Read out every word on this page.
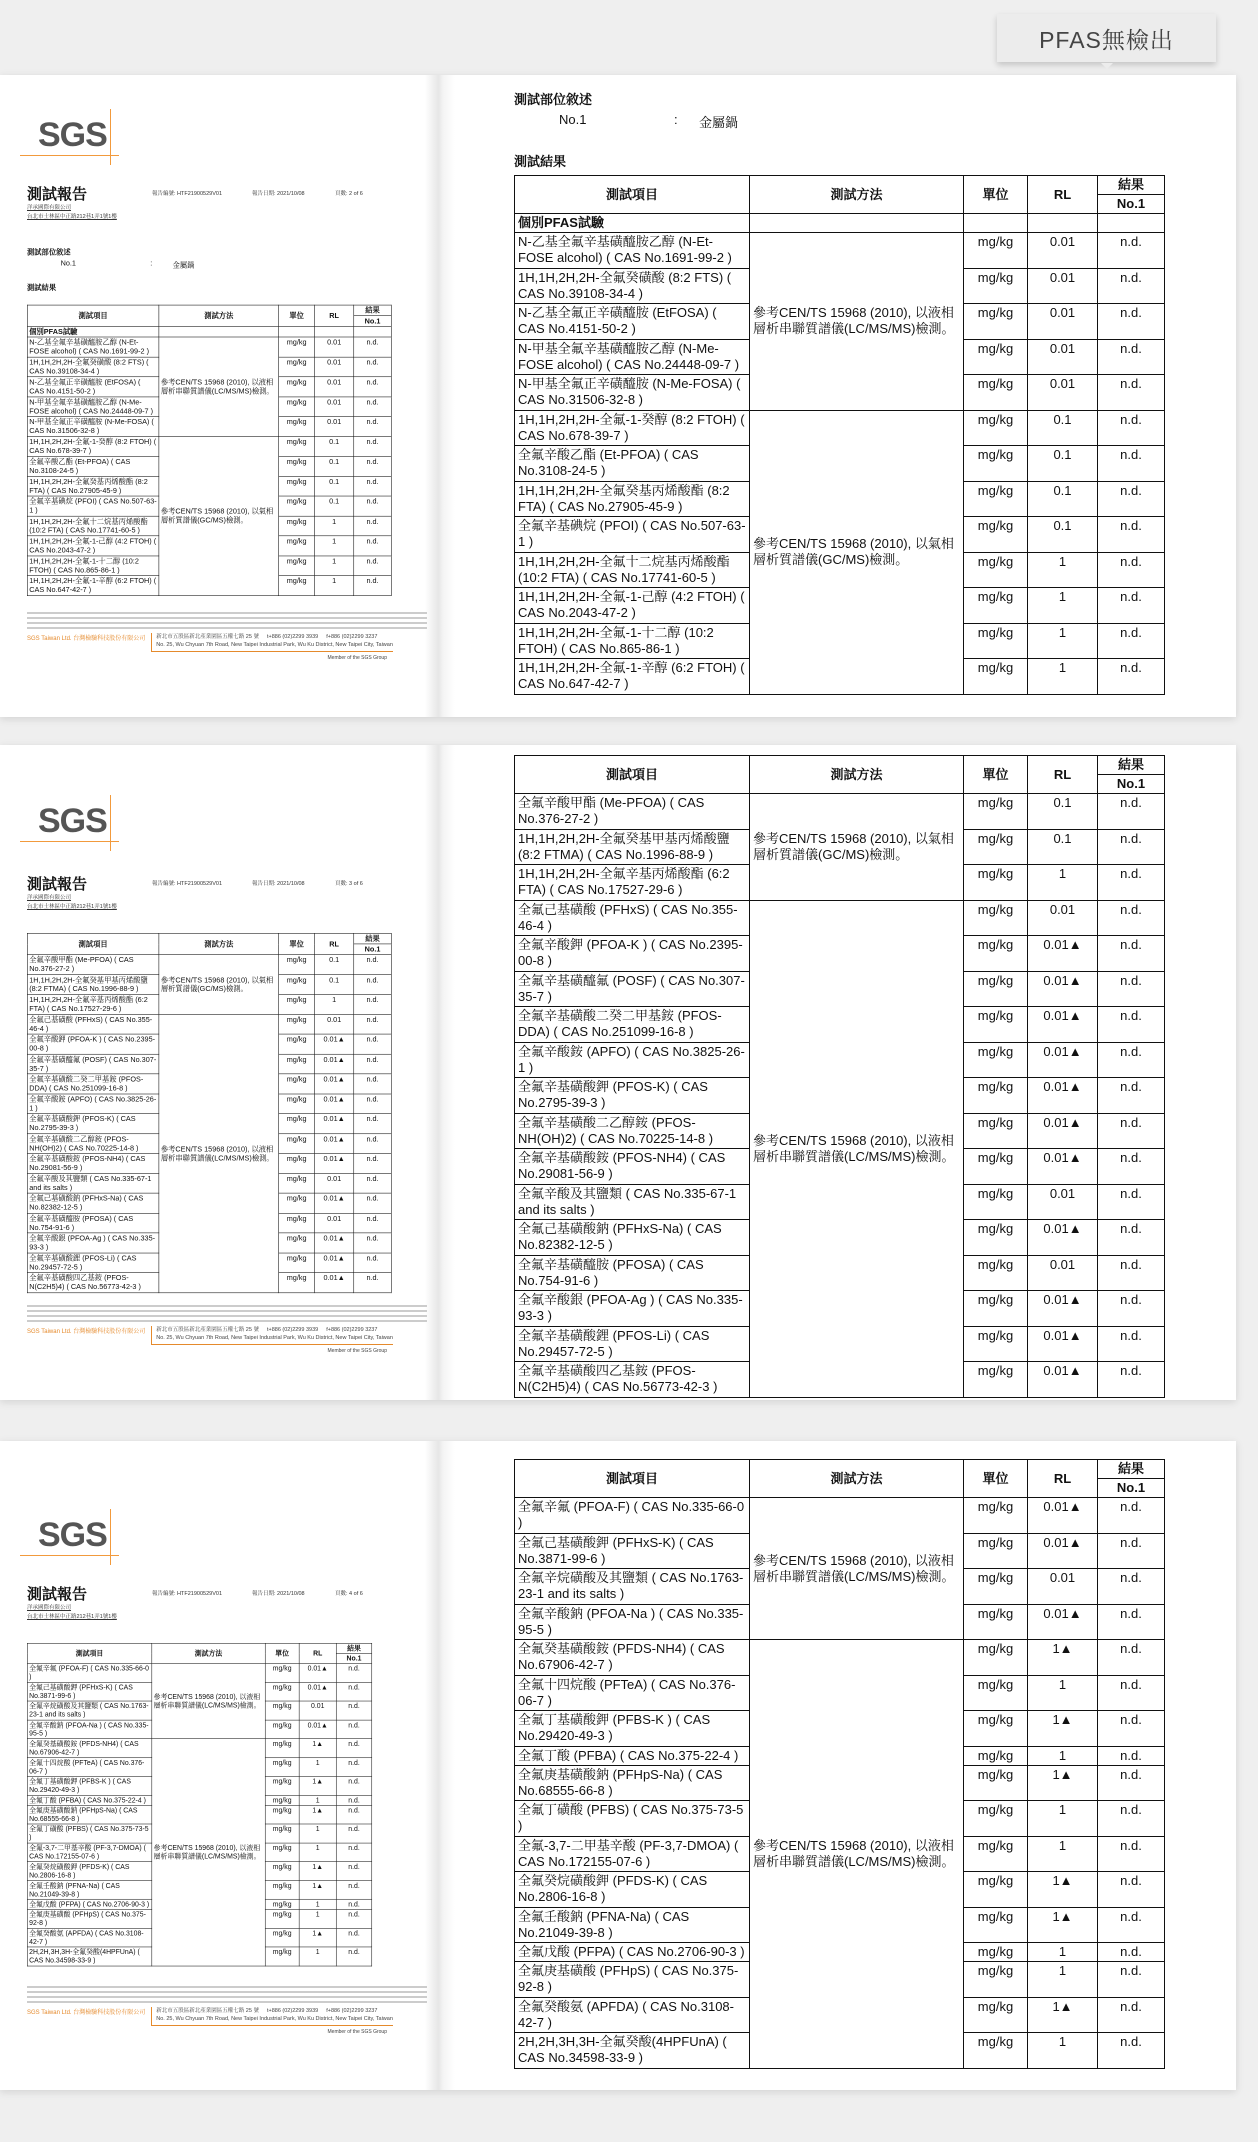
PFAS無檢出
SGS
測試報告	報告編號: HTF21900529V01	報告日期: 2021/10/08	頁數: 2 of 6
洋承國際有限公司
台北市士林區中正路212巷1弄1號1樓
測試部位敘述
No.1	:	金屬鍋
測試結果
測試項目	測試方法	單位	RL	結果
				No.1
個別PFAS試驗				
N-乙基全氟辛基磺醯胺乙醇 (N-Et-FOSE alcohol) ( CAS No.1691-99-2 )	參考CEN/TS 15968 (2010), 以液相層析串聯質譜儀(LC/MS/MS)檢測。	mg/kg	0.01	n.d.
1H,1H,2H,2H-全氟癸磺酸 (8:2 FTS) ( CAS No.39108-34-4 )		mg/kg	0.01	n.d.
N-乙基全氟正辛磺醯胺 (EtFOSA) ( CAS No.4151-50-2 )		mg/kg	0.01	n.d.
N-甲基全氟辛基磺醯胺乙醇 (N-Me-FOSE alcohol) ( CAS No.24448-09-7 )		mg/kg	0.01	n.d.
N-甲基全氟正辛磺醯胺 (N-Me-FOSA) ( CAS No.31506-32-8 )		mg/kg	0.01	n.d.
1H,1H,2H,2H-全氟-1-癸醇 (8:2 FTOH) ( CAS No.678-39-7 )	參考CEN/TS 15968 (2010), 以氣相層析質譜儀(GC/MS)檢測。	mg/kg	0.1	n.d.
全氟辛酸乙酯 (Et-PFOA) ( CAS No.3108-24-5 )		mg/kg	0.1	n.d.
1H,1H,2H,2H-全氟癸基丙烯酸酯 (8:2 FTA) ( CAS No.27905-45-9 )		mg/kg	0.1	n.d.
全氟辛基碘烷 (PFOI) ( CAS No.507-63-1 )		mg/kg	0.1	n.d.
1H,1H,2H,2H-全氟十二烷基丙烯酸酯 (10:2 FTA) ( CAS No.17741-60-5 )		mg/kg	1	n.d.
1H,1H,2H,2H-全氟-1-己醇 (4:2 FTOH) ( CAS No.2043-47-2 )		mg/kg	1	n.d.
1H,1H,2H,2H-全氟-1-十二醇 (10:2 FTOH) ( CAS No.865-86-1 )		mg/kg	1	n.d.
1H,1H,2H,2H-全氟-1-辛醇 (6:2 FTOH) ( CAS No.647-42-7 )		mg/kg	1	n.d.
SGS Taiwan Ltd. 台灣檢驗科技股份有限公司 新北市五股區新北產業園區五權七路 25 號 t+886 (02)2299 3939 f+886 (02)2299 3237
No. 25, Wu Chyuan 7th Road, New Taipei Industrial Park, Wu Ku District, New Taipei City, Taiwan
Member of the SGS Group
測試部位敘述
No.1	:	金屬鍋
測試結果
測試項目	測試方法	單位	RL	結果
				No.1
個別PFAS試驗				
N-乙基全氟辛基磺醯胺乙醇 (N-Et-FOSE alcohol) ( CAS No.1691-99-2 )	參考CEN/TS 15968 (2010), 以液相層析串聯質譜儀(LC/MS/MS)檢測。	mg/kg	0.01	n.d.
1H,1H,2H,2H-全氟癸磺酸 (8:2 FTS) ( CAS No.39108-34-4 )		mg/kg	0.01	n.d.
N-乙基全氟正辛磺醯胺 (EtFOSA) ( CAS No.4151-50-2 )		mg/kg	0.01	n.d.
N-甲基全氟辛基磺醯胺乙醇 (N-Me-FOSE alcohol) ( CAS No.24448-09-7 )		mg/kg	0.01	n.d.
N-甲基全氟正辛磺醯胺 (N-Me-FOSA) ( CAS No.31506-32-8 )		mg/kg	0.01	n.d.
1H,1H,2H,2H-全氟-1-癸醇 (8:2 FTOH) ( CAS No.678-39-7 )	參考CEN/TS 15968 (2010), 以氣相層析質譜儀(GC/MS)檢測。	mg/kg	0.1	n.d.
全氟辛酸乙酯 (Et-PFOA) ( CAS No.3108-24-5 )		mg/kg	0.1	n.d.
1H,1H,2H,2H-全氟癸基丙烯酸酯 (8:2 FTA) ( CAS No.27905-45-9 )		mg/kg	0.1	n.d.
全氟辛基碘烷 (PFOI) ( CAS No.507-63-1 )		mg/kg	0.1	n.d.
1H,1H,2H,2H-全氟十二烷基丙烯酸酯 (10:2 FTA) ( CAS No.17741-60-5 )		mg/kg	1	n.d.
1H,1H,2H,2H-全氟-1-己醇 (4:2 FTOH) ( CAS No.2043-47-2 )		mg/kg	1	n.d.
1H,1H,2H,2H-全氟-1-十二醇 (10:2 FTOH) ( CAS No.865-86-1 )		mg/kg	1	n.d.
1H,1H,2H,2H-全氟-1-辛醇 (6:2 FTOH) ( CAS No.647-42-7 )		mg/kg	1	n.d.
SGS
測試報告	報告編號: HTF21900529V01	報告日期: 2021/10/08	頁數: 3 of 6
洋承國際有限公司
台北市士林區中正路212巷1弄1號1樓
測試項目	測試方法	單位	RL	結果
				No.1
全氟辛酸甲酯 (Me-PFOA) ( CAS No.376-27-2 )	參考CEN/TS 15968 (2010), 以氣相層析質譜儀(GC/MS)檢測。	mg/kg	0.1	n.d.
1H,1H,2H,2H-全氟癸基甲基丙烯酸鹽 (8:2 FTMA) ( CAS No.1996-88-9 )		mg/kg	0.1	n.d.
1H,1H,2H,2H-全氟辛基丙烯酸酯 (6:2 FTA) ( CAS No.17527-29-6 )		mg/kg	1	n.d.
全氟己基磺酸 (PFHxS) ( CAS No.355-46-4 )	參考CEN/TS 15968 (2010), 以液相層析串聯質譜儀(LC/MS/MS)檢測。	mg/kg	0.01	n.d.
全氟辛酸鉀 (PFOA-K ) ( CAS No.2395-00-8 )		mg/kg	0.01▲	n.d.
全氟辛基磺醯氟 (POSF) ( CAS No.307-35-7 )		mg/kg	0.01▲	n.d.
全氟辛基磺酸二癸二甲基銨 (PFOS-DDA) ( CAS No.251099-16-8 )		mg/kg	0.01▲	n.d.
全氟辛酸銨 (APFO) ( CAS No.3825-26-1 )		mg/kg	0.01▲	n.d.
全氟辛基磺酸鉀 (PFOS-K) ( CAS No.2795-39-3 )		mg/kg	0.01▲	n.d.
全氟辛基磺酸二乙醇銨 (PFOS-NH(OH)2) ( CAS No.70225-14-8 )		mg/kg	0.01▲	n.d.
全氟辛基磺酸銨 (PFOS-NH4) ( CAS No.29081-56-9 )		mg/kg	0.01▲	n.d.
全氟辛酸及其鹽類 ( CAS No.335-67-1 and its salts )		mg/kg	0.01	n.d.
全氟己基磺酸鈉 (PFHxS-Na) ( CAS No.82382-12-5 )		mg/kg	0.01▲	n.d.
全氟辛基磺醯胺 (PFOSA) ( CAS No.754-91-6 )		mg/kg	0.01	n.d.
全氟辛酸銀 (PFOA-Ag ) ( CAS No.335-93-3 )		mg/kg	0.01▲	n.d.
全氟辛基磺酸鋰 (PFOS-Li) ( CAS No.29457-72-5 )		mg/kg	0.01▲	n.d.
全氟辛基磺酸四乙基銨 (PFOS-N(C2H5)4) ( CAS No.56773-42-3 )		mg/kg	0.01▲	n.d.
SGS Taiwan Ltd. 台灣檢驗科技股份有限公司 新北市五股區新北產業園區五權七路 25 號 t+886 (02)2299 3939 f+886 (02)2299 3237
No. 25, Wu Chyuan 7th Road, New Taipei Industrial Park, Wu Ku District, New Taipei City, Taiwan
Member of the SGS Group
測試項目	測試方法	單位	RL	結果
				No.1
全氟辛酸甲酯 (Me-PFOA) ( CAS No.376-27-2 )	參考CEN/TS 15968 (2010), 以氣相層析質譜儀(GC/MS)檢測。	mg/kg	0.1	n.d.
1H,1H,2H,2H-全氟癸基甲基丙烯酸鹽 (8:2 FTMA) ( CAS No.1996-88-9 )		mg/kg	0.1	n.d.
1H,1H,2H,2H-全氟辛基丙烯酸酯 (6:2 FTA) ( CAS No.17527-29-6 )		mg/kg	1	n.d.
全氟己基磺酸 (PFHxS) ( CAS No.355-46-4 )	參考CEN/TS 15968 (2010), 以液相層析串聯質譜儀(LC/MS/MS)檢測。	mg/kg	0.01	n.d.
全氟辛酸鉀 (PFOA-K ) ( CAS No.2395-00-8 )		mg/kg	0.01▲	n.d.
全氟辛基磺醯氟 (POSF) ( CAS No.307-35-7 )		mg/kg	0.01▲	n.d.
全氟辛基磺酸二癸二甲基銨 (PFOS-DDA) ( CAS No.251099-16-8 )		mg/kg	0.01▲	n.d.
全氟辛酸銨 (APFO) ( CAS No.3825-26-1 )		mg/kg	0.01▲	n.d.
全氟辛基磺酸鉀 (PFOS-K) ( CAS No.2795-39-3 )		mg/kg	0.01▲	n.d.
全氟辛基磺酸二乙醇銨 (PFOS-NH(OH)2) ( CAS No.70225-14-8 )		mg/kg	0.01▲	n.d.
全氟辛基磺酸銨 (PFOS-NH4) ( CAS No.29081-56-9 )		mg/kg	0.01▲	n.d.
全氟辛酸及其鹽類 ( CAS No.335-67-1 and its salts )		mg/kg	0.01	n.d.
全氟己基磺酸鈉 (PFHxS-Na) ( CAS No.82382-12-5 )		mg/kg	0.01▲	n.d.
全氟辛基磺醯胺 (PFOSA) ( CAS No.754-91-6 )		mg/kg	0.01	n.d.
全氟辛酸銀 (PFOA-Ag ) ( CAS No.335-93-3 )		mg/kg	0.01▲	n.d.
全氟辛基磺酸鋰 (PFOS-Li) ( CAS No.29457-72-5 )		mg/kg	0.01▲	n.d.
全氟辛基磺酸四乙基銨 (PFOS-N(C2H5)4) ( CAS No.56773-42-3 )		mg/kg	0.01▲	n.d.
SGS
測試報告	報告編號: HTF21900529V01	報告日期: 2021/10/08	頁數: 4 of 6
洋承國際有限公司
台北市士林區中正路212巷1弄1號1樓
測試項目	測試方法	單位	RL	結果
				No.1
全氟辛氟 (PFOA-F) ( CAS No.335-66-0 )	參考CEN/TS 15968 (2010), 以液相層析串聯質譜儀(LC/MS/MS)檢測。	mg/kg	0.01▲	n.d.
全氟己基磺酸鉀 (PFHxS-K) ( CAS No.3871-99-6 )		mg/kg	0.01▲	n.d.
全氟辛烷磺酸及其鹽類 ( CAS No.1763-23-1 and its salts )		mg/kg	0.01	n.d.
全氟辛酸鈉 (PFOA-Na ) ( CAS No.335-95-5 )		mg/kg	0.01▲	n.d.
全氟癸基磺酸銨 (PFDS-NH4) ( CAS No.67906-42-7 )	參考CEN/TS 15968 (2010), 以液相層析串聯質譜儀(LC/MS/MS)檢測。	mg/kg	1▲	n.d.
全氟十四烷酸 (PFTeA) ( CAS No.376-06-7 )		mg/kg	1	n.d.
全氟丁基磺酸鉀 (PFBS-K ) ( CAS No.29420-49-3 )		mg/kg	1▲	n.d.
全氟丁酸 (PFBA) ( CAS No.375-22-4 )		mg/kg	1	n.d.
全氟庚基磺酸鈉 (PFHpS-Na) ( CAS No.68555-66-8 )		mg/kg	1▲	n.d.
全氟丁磺酸 (PFBS) ( CAS No.375-73-5 )		mg/kg	1	n.d.
全氟-3,7-二甲基辛酸 (PF-3,7-DMOA) ( CAS No.172155-07-6 )		mg/kg	1	n.d.
全氟癸烷磺酸鉀 (PFDS-K) ( CAS No.2806-16-8 )		mg/kg	1▲	n.d.
全氟壬酸鈉 (PFNA-Na) ( CAS No.21049-39-8 )		mg/kg	1▲	n.d.
全氟戊酸 (PFPA) ( CAS No.2706-90-3 )		mg/kg	1	n.d.
全氟庚基磺酸 (PFHpS) ( CAS No.375-92-8 )		mg/kg	1	n.d.
全氟癸酸氨 (APFDA) ( CAS No.3108-42-7 )		mg/kg	1▲	n.d.
2H,2H,3H,3H-全氟癸酸(4HPFUnA) ( CAS No.34598-33-9 )		mg/kg	1	n.d.
SGS Taiwan Ltd. 台灣檢驗科技股份有限公司 新北市五股區新北產業園區五權七路 25 號 t+886 (02)2299 3939 f+886 (02)2299 3237
No. 25, Wu Chyuan 7th Road, New Taipei Industrial Park, Wu Ku District, New Taipei City, Taiwan
Member of the SGS Group
測試項目	測試方法	單位	RL	結果
				No.1
全氟辛氟 (PFOA-F) ( CAS No.335-66-0 )	參考CEN/TS 15968 (2010), 以液相層析串聯質譜儀(LC/MS/MS)檢測。	mg/kg	0.01▲	n.d.
全氟己基磺酸鉀 (PFHxS-K) ( CAS No.3871-99-6 )		mg/kg	0.01▲	n.d.
全氟辛烷磺酸及其鹽類 ( CAS No.1763-23-1 and its salts )		mg/kg	0.01	n.d.
全氟辛酸鈉 (PFOA-Na ) ( CAS No.335-95-5 )		mg/kg	0.01▲	n.d.
全氟癸基磺酸銨 (PFDS-NH4) ( CAS No.67906-42-7 )	參考CEN/TS 15968 (2010), 以液相層析串聯質譜儀(LC/MS/MS)檢測。	mg/kg	1▲	n.d.
全氟十四烷酸 (PFTeA) ( CAS No.376-06-7 )		mg/kg	1	n.d.
全氟丁基磺酸鉀 (PFBS-K ) ( CAS No.29420-49-3 )		mg/kg	1▲	n.d.
全氟丁酸 (PFBA) ( CAS No.375-22-4 )		mg/kg	1	n.d.
全氟庚基磺酸鈉 (PFHpS-Na) ( CAS No.68555-66-8 )		mg/kg	1▲	n.d.
全氟丁磺酸 (PFBS) ( CAS No.375-73-5 )		mg/kg	1	n.d.
全氟-3,7-二甲基辛酸 (PF-3,7-DMOA) ( CAS No.172155-07-6 )		mg/kg	1	n.d.
全氟癸烷磺酸鉀 (PFDS-K) ( CAS No.2806-16-8 )		mg/kg	1▲	n.d.
全氟壬酸鈉 (PFNA-Na) ( CAS No.21049-39-8 )		mg/kg	1▲	n.d.
全氟戊酸 (PFPA) ( CAS No.2706-90-3 )		mg/kg	1	n.d.
全氟庚基磺酸 (PFHpS) ( CAS No.375-92-8 )		mg/kg	1	n.d.
全氟癸酸氨 (APFDA) ( CAS No.3108-42-7 )		mg/kg	1▲	n.d.
2H,2H,3H,3H-全氟癸酸(4HPFUnA) ( CAS No.34598-33-9 )		mg/kg	1	n.d.
